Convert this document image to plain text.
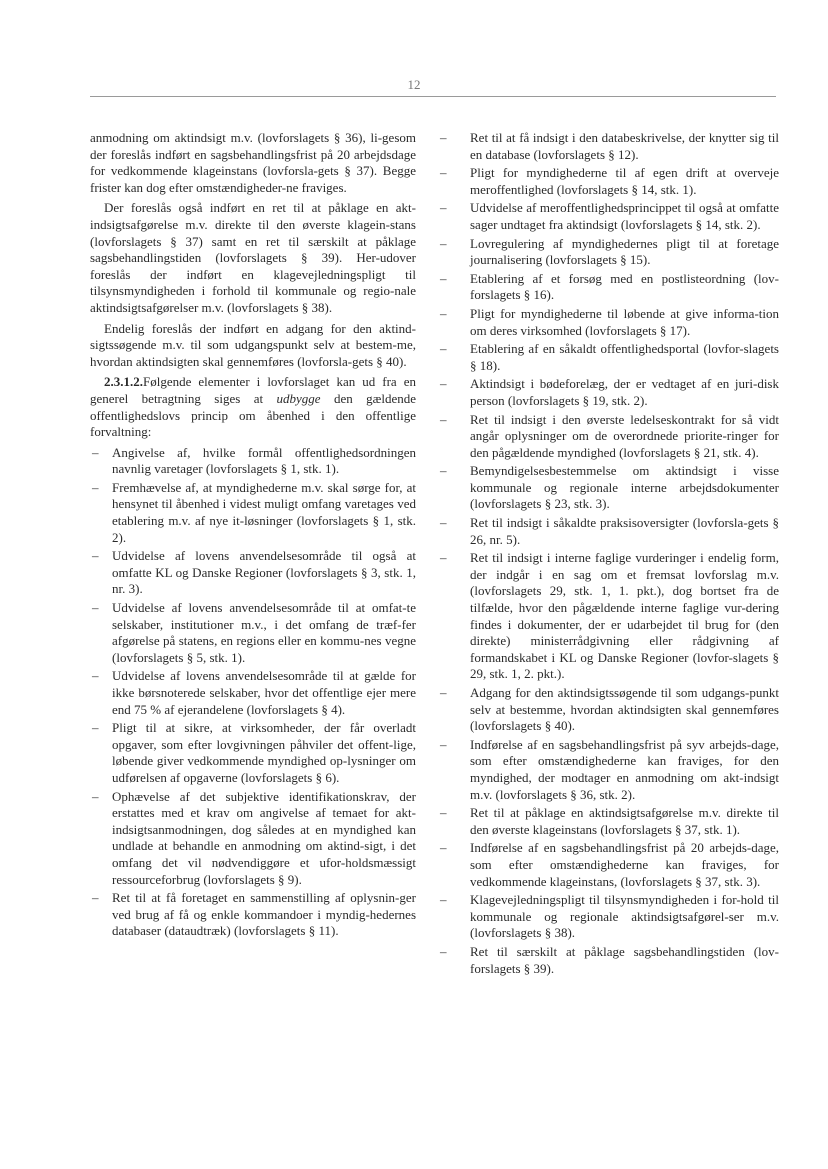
12

anmodning om aktindsigt m.v. (lovforslagets § 36), li-gesom der foreslås indført en sagsbehandlingsfrist på 20 arbejdsdage for vedkommende klageinstans (lovforsla-gets § 37). Begge frister kan dog efter omstændigheder-ne fraviges.

Der foreslås også indført en ret til at påklage en akt-indsigtsafgørelse m.v. direkte til den øverste klagein-stans (lovforslagets § 37) samt en ret til særskilt at påklage sagsbehandlingstiden (lovforslagets § 39). Her-udover foreslås der indført en klagevejledningspligt til tilsynsmyndigheden i forhold til kommunale og regio-nale aktindsigtsafgørelser m.v. (lovforslagets § 38).

Endelig foreslås der indført en adgang for den aktind-sigtssøgende m.v. til som udgangspunkt selv at bestem-me, hvordan aktindsigten skal gennemføres (lovforsla-gets § 40).

2.3.1.2.Følgende elementer i lovforslaget kan ud fra en generel betragtning siges at udbygge den gældende offentlighedslovs princip om åbenhed i den offentlige forvaltning:

–	Angivelse af, hvilke formål offentlighedsordningen navnlig varetager (lovforslagets § 1, stk. 1).
–	Fremhævelse af, at myndighederne m.v. skal sørge for, at hensynet til åbenhed i videst muligt omfang varetages ved etablering m.v. af nye it-løsninger (lovforslagets § 1, stk. 2).
–	Udvidelse af lovens anvendelsesområde til også at omfatte KL og Danske Regioner (lovforslagets § 3, stk. 1, nr. 3).
–	Udvidelse af lovens anvendelsesområde til at omfat-te selskaber, institutioner m.v., i det omfang de træf-fer afgørelse på statens, en regions eller en kommu-nes vegne (lovforslagets § 5, stk. 1).
–	Udvidelse af lovens anvendelsesområde til at gælde for ikke børsnoterede selskaber, hvor det offentlige ejer mere end 75 % af ejerandelene (lovforslagets § 4).
–	Pligt til at sikre, at virksomheder, der får overladt opgaver, som efter lovgivningen påhviler det offent-lige, løbende giver vedkommende myndighed op-lysninger om udførelsen af opgaverne (lovforslagets § 6).
–	Ophævelse af det subjektive identifikationskrav, der erstattes med et krav om angivelse af temaet for akt-indsigtsanmodningen, dog således at en myndighed kan undlade at behandle en anmodning om aktind-sigt, i det omfang det vil nødvendiggøre et ufor-holdsmæssigt ressourceforbrug (lovforslagets § 9).
–	Ret til at få foretaget en sammenstilling af oplysnin-ger ved brug af få og enkle kommandoer i myndig-hedernes databaser (dataudtræk) (lovforslagets § 11).
–	Ret til at få indsigt i den databeskrivelse, der knytter sig til en database (lovforslagets § 12).
–	Pligt for myndighederne til af egen drift at overveje meroffentlighed (lovforslagets § 14, stk. 1).
–	Udvidelse af meroffentlighedsprincippet til også at omfatte sager undtaget fra aktindsigt (lovforslagets § 14, stk. 2).
–	Lovregulering af myndighedernes pligt til at foretage journalisering (lovforslagets § 15).
–	Etablering af et forsøg med en postlisteordning (lov-forslagets § 16).
–	Pligt for myndighederne til løbende at give informa-tion om deres virksomhed (lovforslagets § 17).
–	Etablering af en såkaldt offentlighedsportal (lovfor-slagets § 18).
–	Aktindsigt i bødeforelæg, der er vedtaget af en juri-disk person (lovforslagets § 19, stk. 2).
–	Ret til indsigt i den øverste ledelseskontrakt for så vidt angår oplysninger om de overordnede priorite-ringer for den pågældende myndighed (lovforslagets § 21, stk. 4).
–	Bemyndigelsesbestemmelse om aktindsigt i visse kommunale og regionale interne arbejdsdokumenter (lovforslagets § 23, stk. 3).
–	Ret til indsigt i såkaldte praksisoversigter (lovforsla-gets § 26, nr. 5).
–	Ret til indsigt i interne faglige vurderinger i endelig form, der indgår i en sag om et fremsat lovforslag m.v. (lovforslagets 29, stk. 1, 1. pkt.), dog bortset fra de tilfælde, hvor den pågældende interne faglige vur-dering findes i dokumenter, der er udarbejdet til brug for (den direkte) ministerrådgivning eller rådgivning af formandskabet i KL og Danske Regioner (lovfor-slagets § 29, stk. 1, 2. pkt.).
–	Adgang for den aktindsigtssøgende til som udgangs-punkt selv at bestemme, hvordan aktindsigten skal gennemføres (lovforslagets § 40).
–	Indførelse af en sagsbehandlingsfrist på syv arbejds-dage, som efter omstændighederne kan fraviges, for den myndighed, der modtager en anmodning om akt-indsigt m.v. (lovforslagets § 36, stk. 2).
–	Ret til at påklage en aktindsigtsafgørelse m.v. direkte til den øverste klageinstans (lovforslagets § 37, stk. 1).
–	Indførelse af en sagsbehandlingsfrist på 20 arbejds-dage, som efter omstændighederne kan fraviges, for vedkommende klageinstans, (lovforslagets § 37, stk. 3).
–	Klagevejledningspligt til tilsynsmyndigheden i for-hold til kommunale og regionale aktindsigtsafgørel-ser m.v. (lovforslagets § 38).
–	Ret til særskilt at påklage sagsbehandlingstiden (lov-forslagets § 39).
